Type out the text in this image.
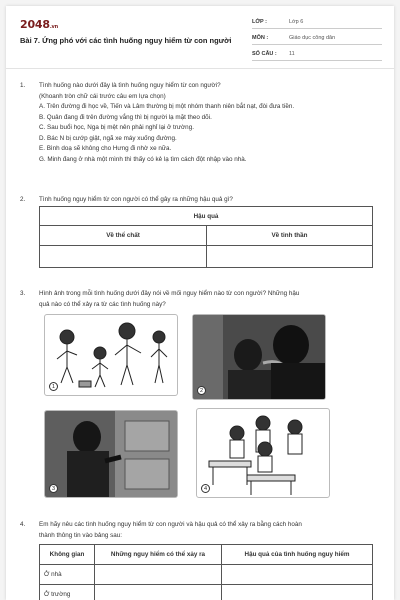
2048.vn
Bài 7. Ứng phó với các tình huống nguy hiểm từ con người
LỚP :	Lớp 6
MÔN :	Giáo dục công dân
SỐ CÂU : 11
1. Tình huống nào dưới đây là tình huống nguy hiểm từ con người?
(Khoanh tròn chữ cái trước câu em lựa chọn)
A. Trên đường đi học về, Tiến và Lâm thường bị một nhóm thanh niên bắt nạt, đòi đưa tiền.
B. Quân đang đi trên đường vắng thì bị người lạ mặt theo dõi.
C. Sau buổi học, Nga bị mệt nên phải nghỉ lại ở trường.
D. Bác N bị cướp giật, ngã xe máy xuống đường.
E. Bình doạ sẽ không cho Hưng đi nhờ xe nữa.
G. Minh đang ở nhà một mình thì thấy có kẻ lạ tìm cách đột nhập vào nhà.
2. Tình huống nguy hiểm từ con người có thể gây ra những hậu quả gì?
Hậu quả	
Về thể chất	Về tinh thần

3. Hình ảnh trong mỗi tình huống dưới đây nói về mối nguy hiểm nào từ con người? Những hậu
quả nào có thể xảy ra từ các tình huống này?
1
2
3	4
4. Em hãy nêu các tình huống nguy hiểm từ con người và hậu quả có thể xảy ra bằng cách hoàn
thành thông tin vào bảng sau:
Không gian	Những nguy hiểm có thể xảy ra	Hậu quả của tình huống nguy hiểm
Ở nhà		
Ở trường		
